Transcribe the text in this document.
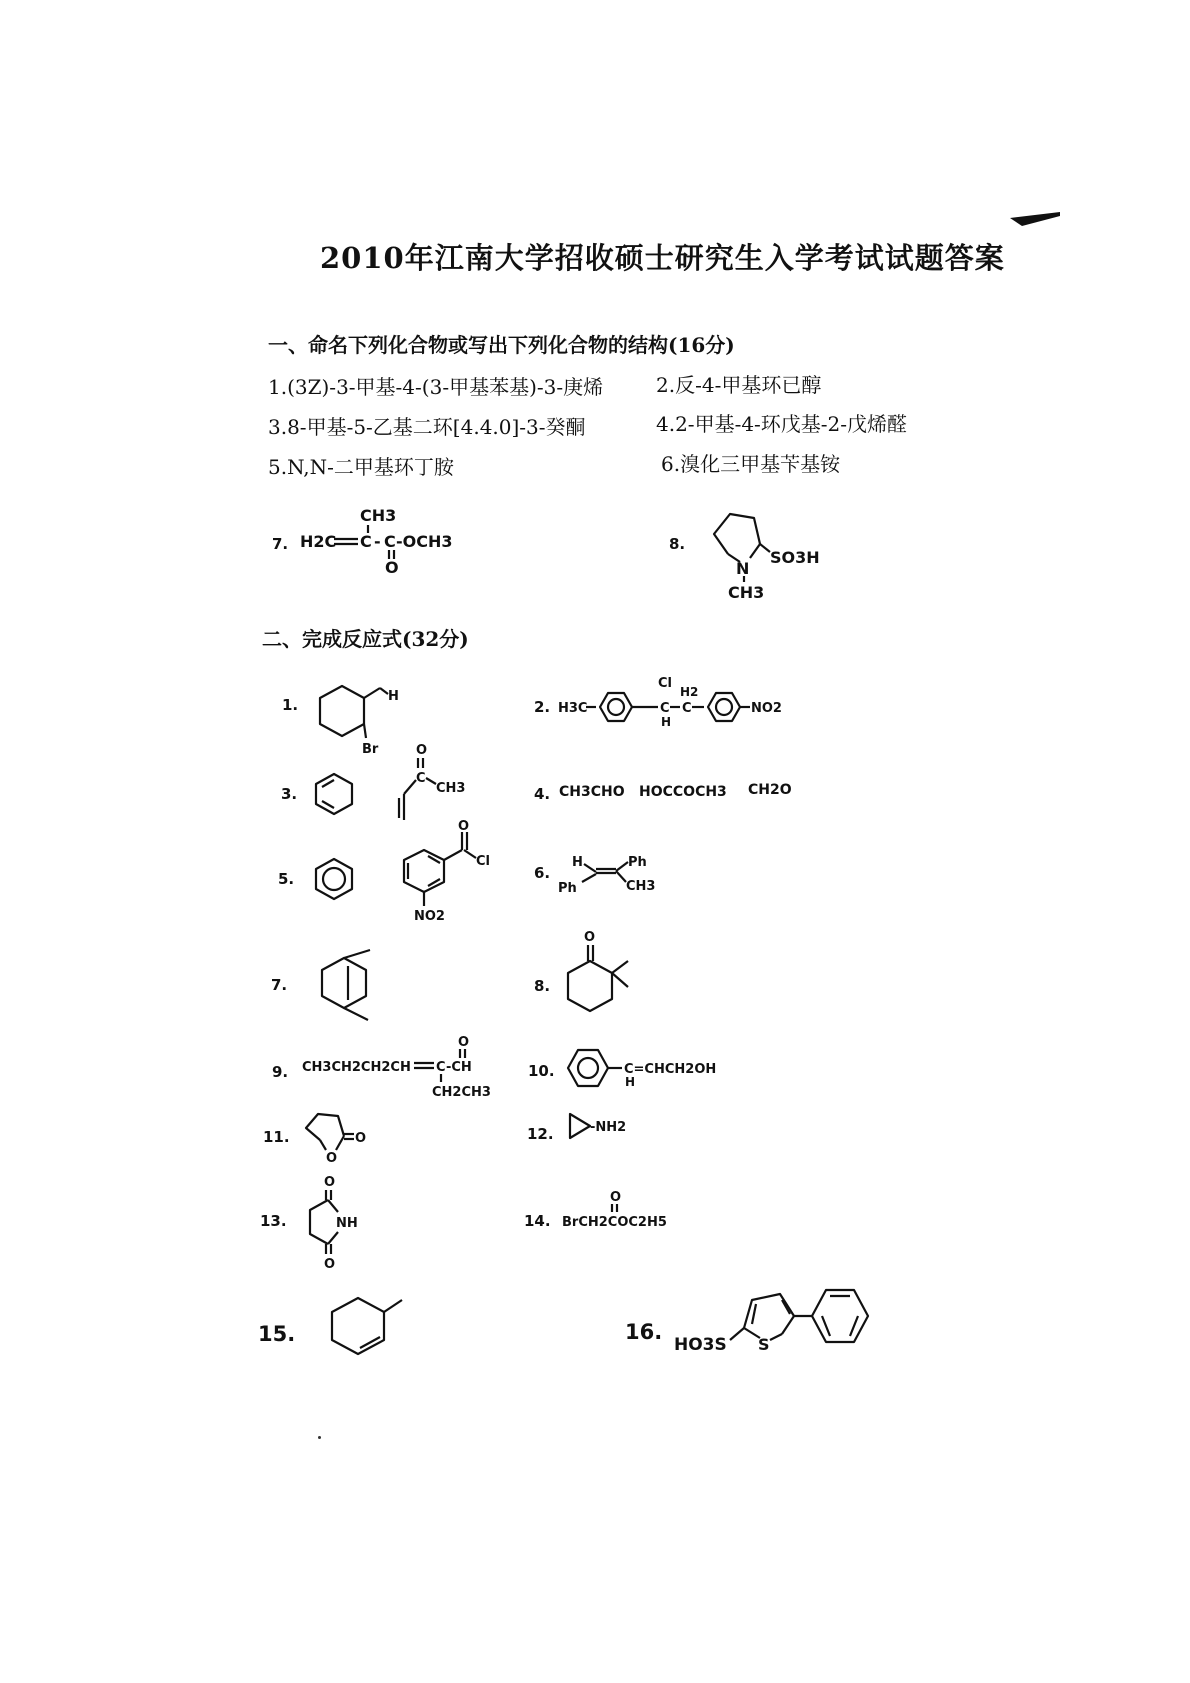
2010年江南大学招收硕士研究生入学考试试题答案
一、命名下列化合物或写出下列化合物的结构(16分)
1.(3Z)-3-甲基-4-(3-甲基苯基)-3-庚烯	2.反-4-甲基环已醇
3.8-甲基-5-乙基二环[4.4.0]-3-癸酮	4.2-甲基-4-环戊基-2-戊烯醛
5.N,N-二甲基环丁胺	6.溴化三甲基苄基铵
7.
CH3
H2C C - C -OCH3
O
8.
N
SO3H
CH3
二、完成反应式(32分)
1.	H
Br
2. H3C
Cl
H2
C
H
C	NO2
3.
O
C
CH3	4. CH3CHO HOCCOCH3 CH2O
5.
O
Cl
NO2
6.
H	Ph
Ph	CH3
7.	8.
O
9. CH3CH2CH2CH C -CH
O
CH2CH3
10.	C=CHCH2OH
H
11.
O
O	12.	-NH2
13.
O
NH
O
14.
O
BrCH2COC2H5
15.	16.
HO3S S
